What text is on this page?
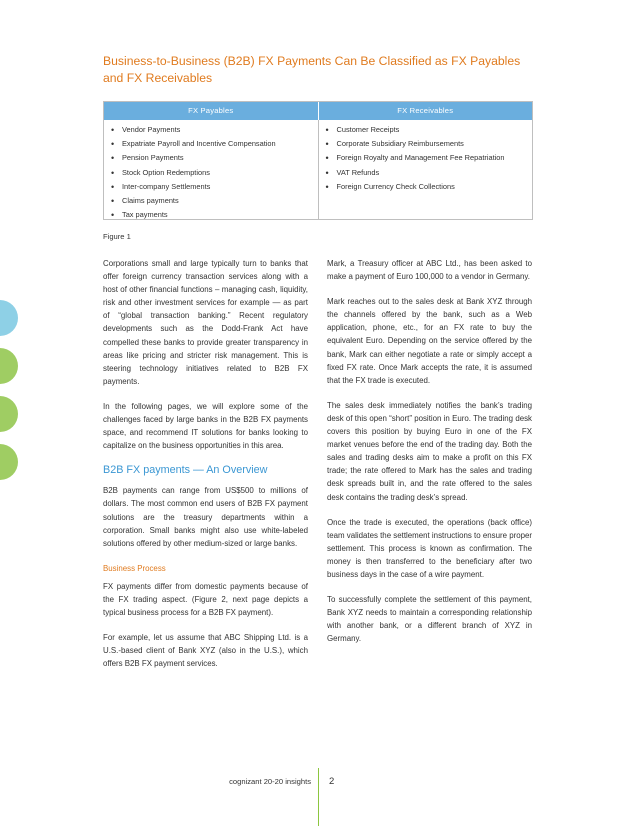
Business-to-Business (B2B) FX Payments Can Be Classified as FX Payables and FX Receivables
FX Payables	FX Receivables
• Vendor Payments
• Expatriate Payroll and Incentive Compensation
• Pension Payments
• Stock Option Redemptions
• Inter-company Settlements
• Claims payments
• Tax payments
• Customer Receipts
• Corporate Subsidiary Reimbursements
• Foreign Royalty and Management Fee Repatriation
• VAT Refunds
• Foreign Currency Check Collections
Figure 1

Corporations small and large typically turn to banks that offer foreign currency transaction services along with a host of other financial functions – managing cash, liquidity, risk and other investment services for example — as part of “global transaction banking.” Recent regulatory developments such as the Dodd-Frank Act have compelled these banks to provide greater transparency in areas like pricing and stricter risk management. This is steering technology initiatives related to B2B FX payments.

In the following pages, we will explore some of the challenges faced by large banks in the B2B FX payments space, and recommend IT solutions for banks looking to capitalize on the business opportunities in this area.

B2B FX payments — An Overview

B2B payments can range from US$500 to millions of dollars. The most common end users of B2B FX payment solutions are the treasury departments within a corporation. Small banks might also use white-labeled solutions offered by other medium-sized or large banks.

Business Process

FX payments differ from domestic payments because of the FX trading aspect. (Figure 2, next page depicts a typical business process for a B2B FX payment).

For example, let us assume that ABC Shipping Ltd. is a U.S.-based client of Bank XYZ (also in the U.S.), which offers B2B FX payment services.

Mark, a Treasury officer at ABC Ltd., has been asked to make a payment of Euro 100,000 to a vendor in Germany.

Mark reaches out to the sales desk at Bank XYZ through the channels offered by the bank, such as a Web application, phone, etc., for an FX rate to buy the equivalent Euro. Depending on the service offered by the bank, Mark can either negotiate a rate or simply accept a fixed FX rate. Once Mark accepts the rate, it is assumed that the FX trade is executed.

The sales desk immediately notifies the bank’s trading desk of this open “short” position in Euro. The trading desk covers this position by buying Euro in one of the FX market venues before the end of the trading day. Both the sales and trading desks aim to make a profit on this FX trade; the rate offered to Mark has the sales and trading desk spreads built in, and the rate offered to the sales desk contains the trading desk’s spread.

Once the trade is executed, the operations (back office) team validates the settlement instructions to ensure proper settlement. This process is known as confirmation. The money is then transferred to the beneficiary after two business days in the case of a wire payment.

To successfully complete the settlement of this payment, Bank XYZ needs to maintain a corresponding relationship with another bank, or a different branch of XYZ in Germany.

cognizant 20-20 insights 2
